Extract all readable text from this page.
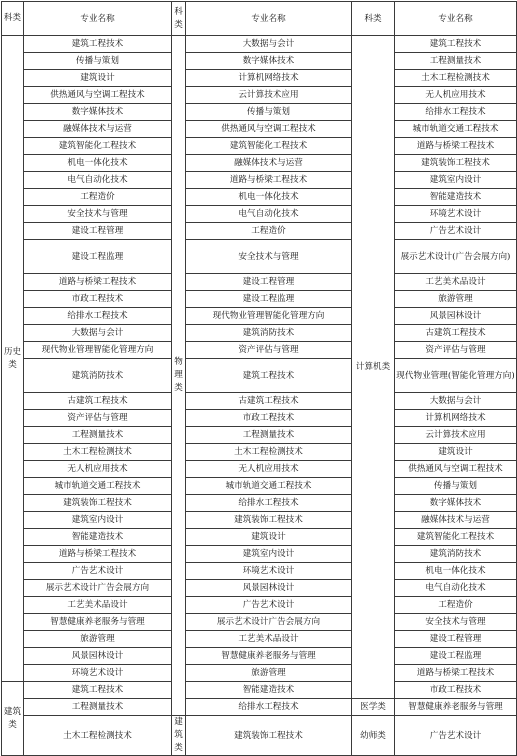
科类	专业名称	科类	专业名称	科类	专业名称
历史类	建筑工程技术	物理类	大数据与会计	计算机类	建筑工程技术
	传播与策划		数字媒体技术		工程测量技术
	建筑设计		计算机网络技术		土木工程检测技术
	供热通风与空调工程技术		云计算技术应用		无人机应用技术
	数字媒体技术		传播与策划		给排水工程技术
	融媒体技术与运营		供热通风与空调工程技术		城市轨道交通工程技术
	建筑智能化工程技术		建筑智能化工程技术		道路与桥梁工程技术
	机电一体化技术		融媒体技术与运营		建筑装饰工程技术
	电气自动化技术		道路与桥梁工程技术		建筑室内设计
	工程造价		机电一体化技术		智能建造技术
	安全技术与管理		电气自动化技术		环境艺术设计
	建设工程管理		工程造价		广告艺术设计
	建设工程监理		安全技术与管理		展示艺术设计(广告会展方向)
	道路与桥梁工程技术		建设工程管理		工艺美术品设计
	市政工程技术		建设工程监理		旅游管理
	给排水工程技术		现代物业管理智能化管理方向		风景园林设计
	大数据与会计		建筑消防技术		古建筑工程技术
	现代物业管理智能化管理方向		资产评估与管理		资产评估与管理
	建筑消防技术		建筑工程技术		现代物业管理(智能化管理方向)
	古建筑工程技术		古建筑工程技术		大数据与会计
	资产评估与管理		市政工程技术		计算机网络技术
	工程测量技术		工程测量技术		云计算技术应用
	土木工程检测技术		土木工程检测技术		建筑设计
	无人机应用技术		无人机应用技术		供热通风与空调工程技术
	城市轨道交通工程技术		城市轨道交通工程技术		传播与策划
	建筑装饰工程技术		给排水工程技术		数字媒体技术
	建筑室内设计		建筑装饰工程技术		融媒体技术与运营
	智能建造技术		建筑设计		建筑智能化工程技术
	道路与桥梁工程技术		建筑室内设计		建筑消防技术
	广告艺术设计		环境艺术设计		机电一体化技术
	展示艺术设计广告会展方向		风景园林设计		电气自动化技术
	工艺美术品设计		广告艺术设计		工程造价
	智慧健康养老服务与管理		展示艺术设计广告会展方向		安全技术与管理
	旅游管理		工艺美术品设计		建设工程管理
	风景园林设计		智慧健康养老服务与管理		建设工程监理
	环境艺术设计		旅游管理		道路与桥梁工程技术
建筑类	建筑工程技术		智能建造技术		市政工程技术
	工程测量技术		给排水工程技术	医学类	智慧健康养老服务与管理
	土木工程检测技术	建筑类	建筑装饰工程技术	幼师类	广告艺术设计
